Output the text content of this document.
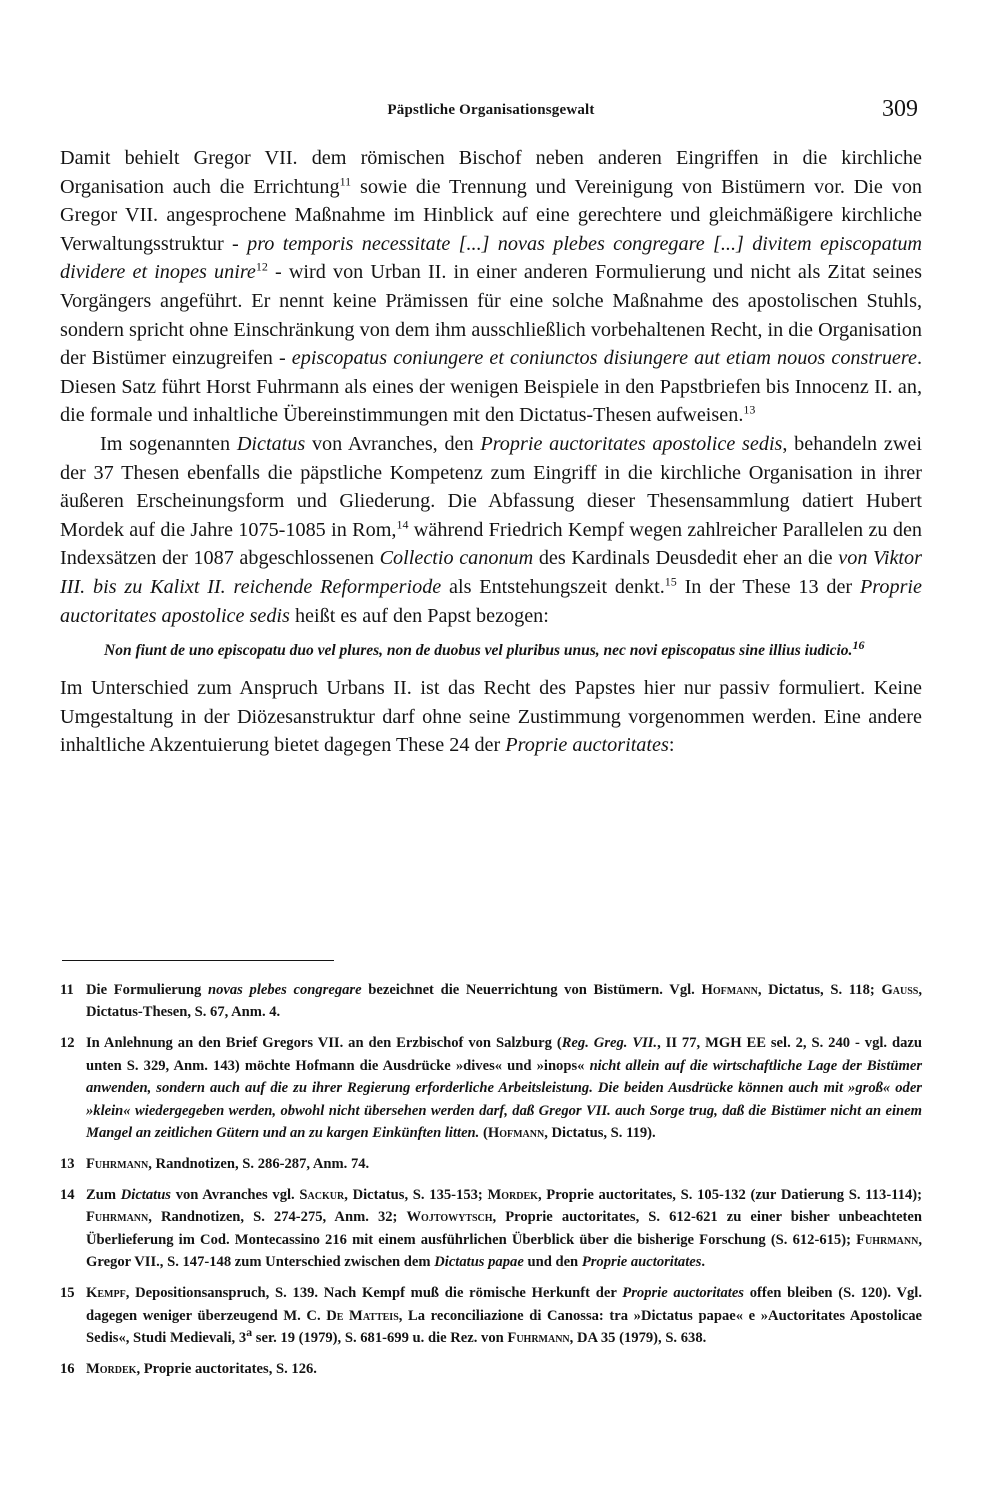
Päpstliche Organisationsgewalt	309

Damit behielt Gregor VII. dem römischen Bischof neben anderen Eingriffen in die kirchliche Organisation auch die Errichtung$^{11}$ sowie die Trennung und Vereinigung von Bistümern vor. Die von Gregor VII. angesprochene Maßnahme im Hinblick auf eine gerechtere und gleichmäßigere kirchliche Verwaltungsstruktur - pro temporis necessitate [...] novas plebes congregare [...] divitem episcopatum dividere et inopes unire$^{12}$ - wird von Urban II. in einer anderen Formulierung und nicht als Zitat seines Vorgängers angeführt. Er nennt keine Prämissen für eine solche Maßnahme des apostolischen Stuhls, sondern spricht ohne Einschränkung von dem ihm ausschließlich vorbehaltenen Recht, in die Organisation der Bistümer einzugreifen - episcopatus coniungere et coniunctos disiungere aut etiam nouos construere. Diesen Satz führt Horst Fuhrmann als eines der wenigen Beispiele in den Papstbriefen bis Innocenz II. an, die formale und inhaltliche Übereinstimmungen mit den Dictatus-Thesen aufweisen.$^{13}$

Im sogenannten Dictatus von Avranches, den Proprie auctoritates apostolice sedis, behandeln zwei der 37 Thesen ebenfalls die päpstliche Kompetenz zum Eingriff in die kirchliche Organisation in ihrer äußeren Erscheinungsform und Gliederung. Die Abfassung dieser Thesensammlung datiert Hubert Mordek auf die Jahre 1075-1085 in Rom,$^{14}$ während Friedrich Kempf wegen zahlreicher Parallelen zu den Indexsätzen der 1087 abgeschlossenen Collectio canonum des Kardinals Deusdedit eher an die von Viktor III. bis zu Kalixt II. reichende Reformperiode als Entstehungszeit denkt.$^{15}$ In der These 13 der Proprie auctoritates apostolice sedis heißt es auf den Papst bezogen:

Non fiunt de uno episcopatu duo vel plures, non de duobus vel pluribus unus, nec novi episcopatus sine illius iudicio.$^{16}$

Im Unterschied zum Anspruch Urbans II. ist das Recht des Papstes hier nur passiv formuliert. Keine Umgestaltung in der Diözesanstruktur darf ohne seine Zustimmung vorgenommen werden. Eine andere inhaltliche Akzentuierung bietet dagegen These 24 der Proprie auctoritates:

11 Die Formulierung novas plebes congregare bezeichnet die Neuerrichtung von Bistümern. Vgl. Hofmann, Dictatus, S. 118; Gauss, Dictatus-Thesen, S. 67, Anm. 4.
12 In Anlehnung an den Brief Gregors VII. an den Erzbischof von Salzburg (Reg. Greg. VII., II 77, MGH EE sel. 2, S. 240 - vgl. dazu unten S. 329, Anm. 143) möchte Hofmann die Ausdrücke »dives« und »inops« nicht allein auf die wirtschaftliche Lage der Bistümer anwenden, sondern auch auf die zu ihrer Regierung erforderliche Arbeitsleistung. Die beiden Ausdrücke können auch mit »groß« oder »klein« wiedergegeben werden, obwohl nicht übersehen werden darf, daß Gregor VII. auch Sorge trug, daß die Bistümer nicht an einem Mangel an zeitlichen Gütern und an zu kargen Einkünften litten. (Hofmann, Dictatus, S. 119).
13 Fuhrmann, Randnotizen, S. 286-287, Anm. 74.
14 Zum Dictatus von Avranches vgl. Sackur, Dictatus, S. 135-153; Mordek, Proprie auctoritates, S. 105-132 (zur Datierung S. 113-114); Fuhrmann, Randnotizen, S. 274-275, Anm. 32; Wojtowytsch, Proprie auctoritates, S. 612-621 zu einer bisher unbeachteten Überlieferung im Cod. Montecassino 216 mit einem ausführlichen Überblick über die bisherige Forschung (S. 612-615); Fuhrmann, Gregor VII., S. 147-148 zum Unterschied zwischen dem Dictatus papae und den Proprie auctoritates.
15 Kempf, Depositionsanspruch, S. 139. Nach Kempf muß die römische Herkunft der Proprie auctoritates offen bleiben (S. 120). Vgl. dagegen weniger überzeugend M. C. De Matteis, La reconciliazione di Canossa: tra »Dictatus papae« e »Auctoritates Apostolicae Sedis«, Studi Medievali, 3$^a$ ser. 19 (1979), S. 681-699 u. die Rez. von Fuhrmann, DA 35 (1979), S. 638.
16 Mordek, Proprie auctoritates, S. 126.
